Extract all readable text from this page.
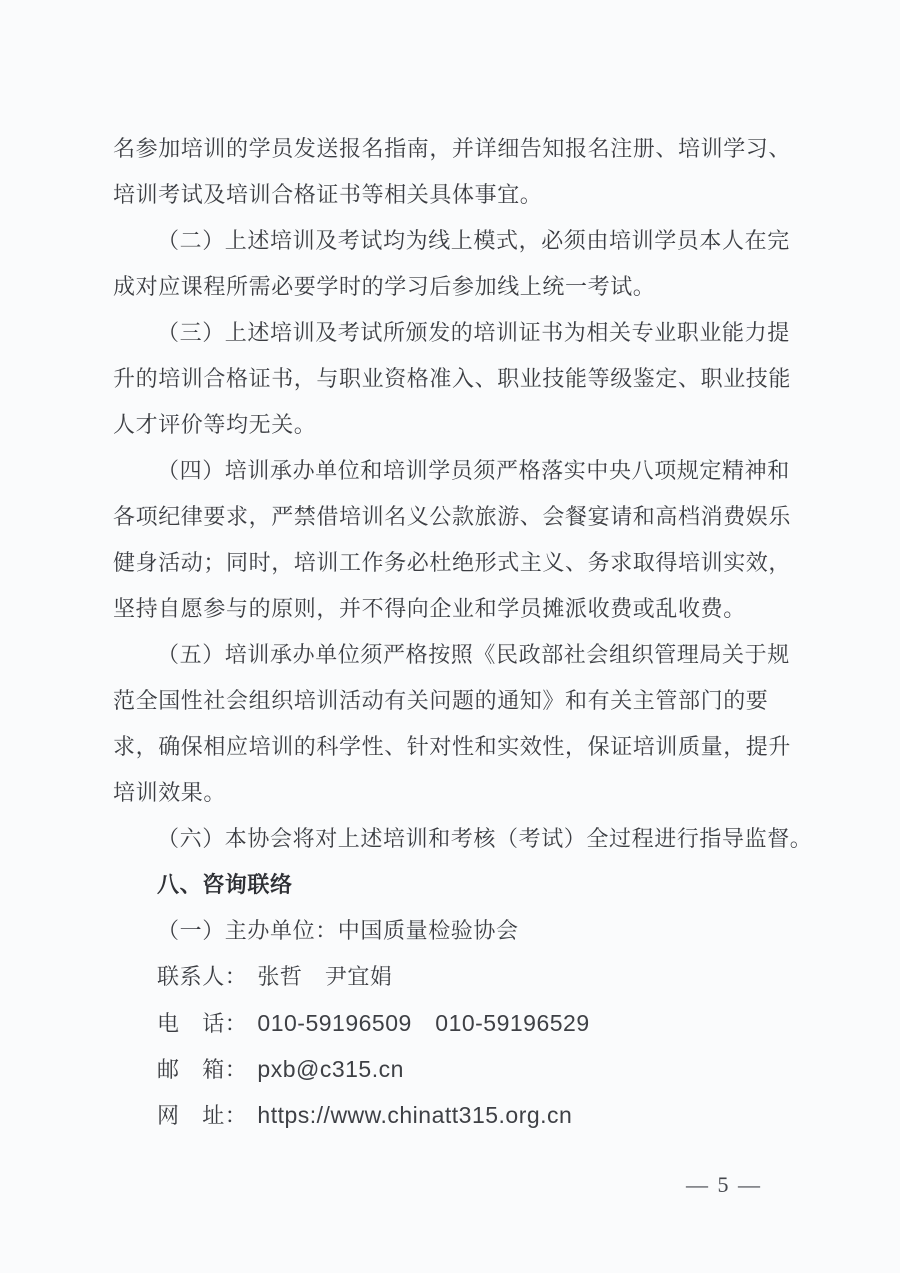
名参加培训的学员发送报名指南，并详细告知报名注册、培训学习、
培训考试及培训合格证书等相关具体事宜。
（二）上述培训及考试均为线上模式，必须由培训学员本人在完
成对应课程所需必要学时的学习后参加线上统一考试。
（三）上述培训及考试所颁发的培训证书为相关专业职业能力提
升的培训合格证书，与职业资格准入、职业技能等级鉴定、职业技能
人才评价等均无关。
（四）培训承办单位和培训学员须严格落实中央八项规定精神和
各项纪律要求，严禁借培训名义公款旅游、会餐宴请和高档消费娱乐
健身活动；同时，培训工作务必杜绝形式主义、务求取得培训实效，
坚持自愿参与的原则，并不得向企业和学员摊派收费或乱收费。
（五）培训承办单位须严格按照《民政部社会组织管理局关于规
范全国性社会组织培训活动有关问题的通知》和有关主管部门的要
求，确保相应培训的科学性、针对性和实效性，保证培训质量，提升
培训效果。
（六）本协会将对上述培训和考核（考试）全过程进行指导监督。
八、咨询联络
（一）主办单位：中国质量检验协会
联系人： 张哲　尹宜娟
电　话： 010-59196509　010-59196529
邮　箱： pxb@c315.cn
网　址： https://www.chinatt315.org.cn
— 5 —
